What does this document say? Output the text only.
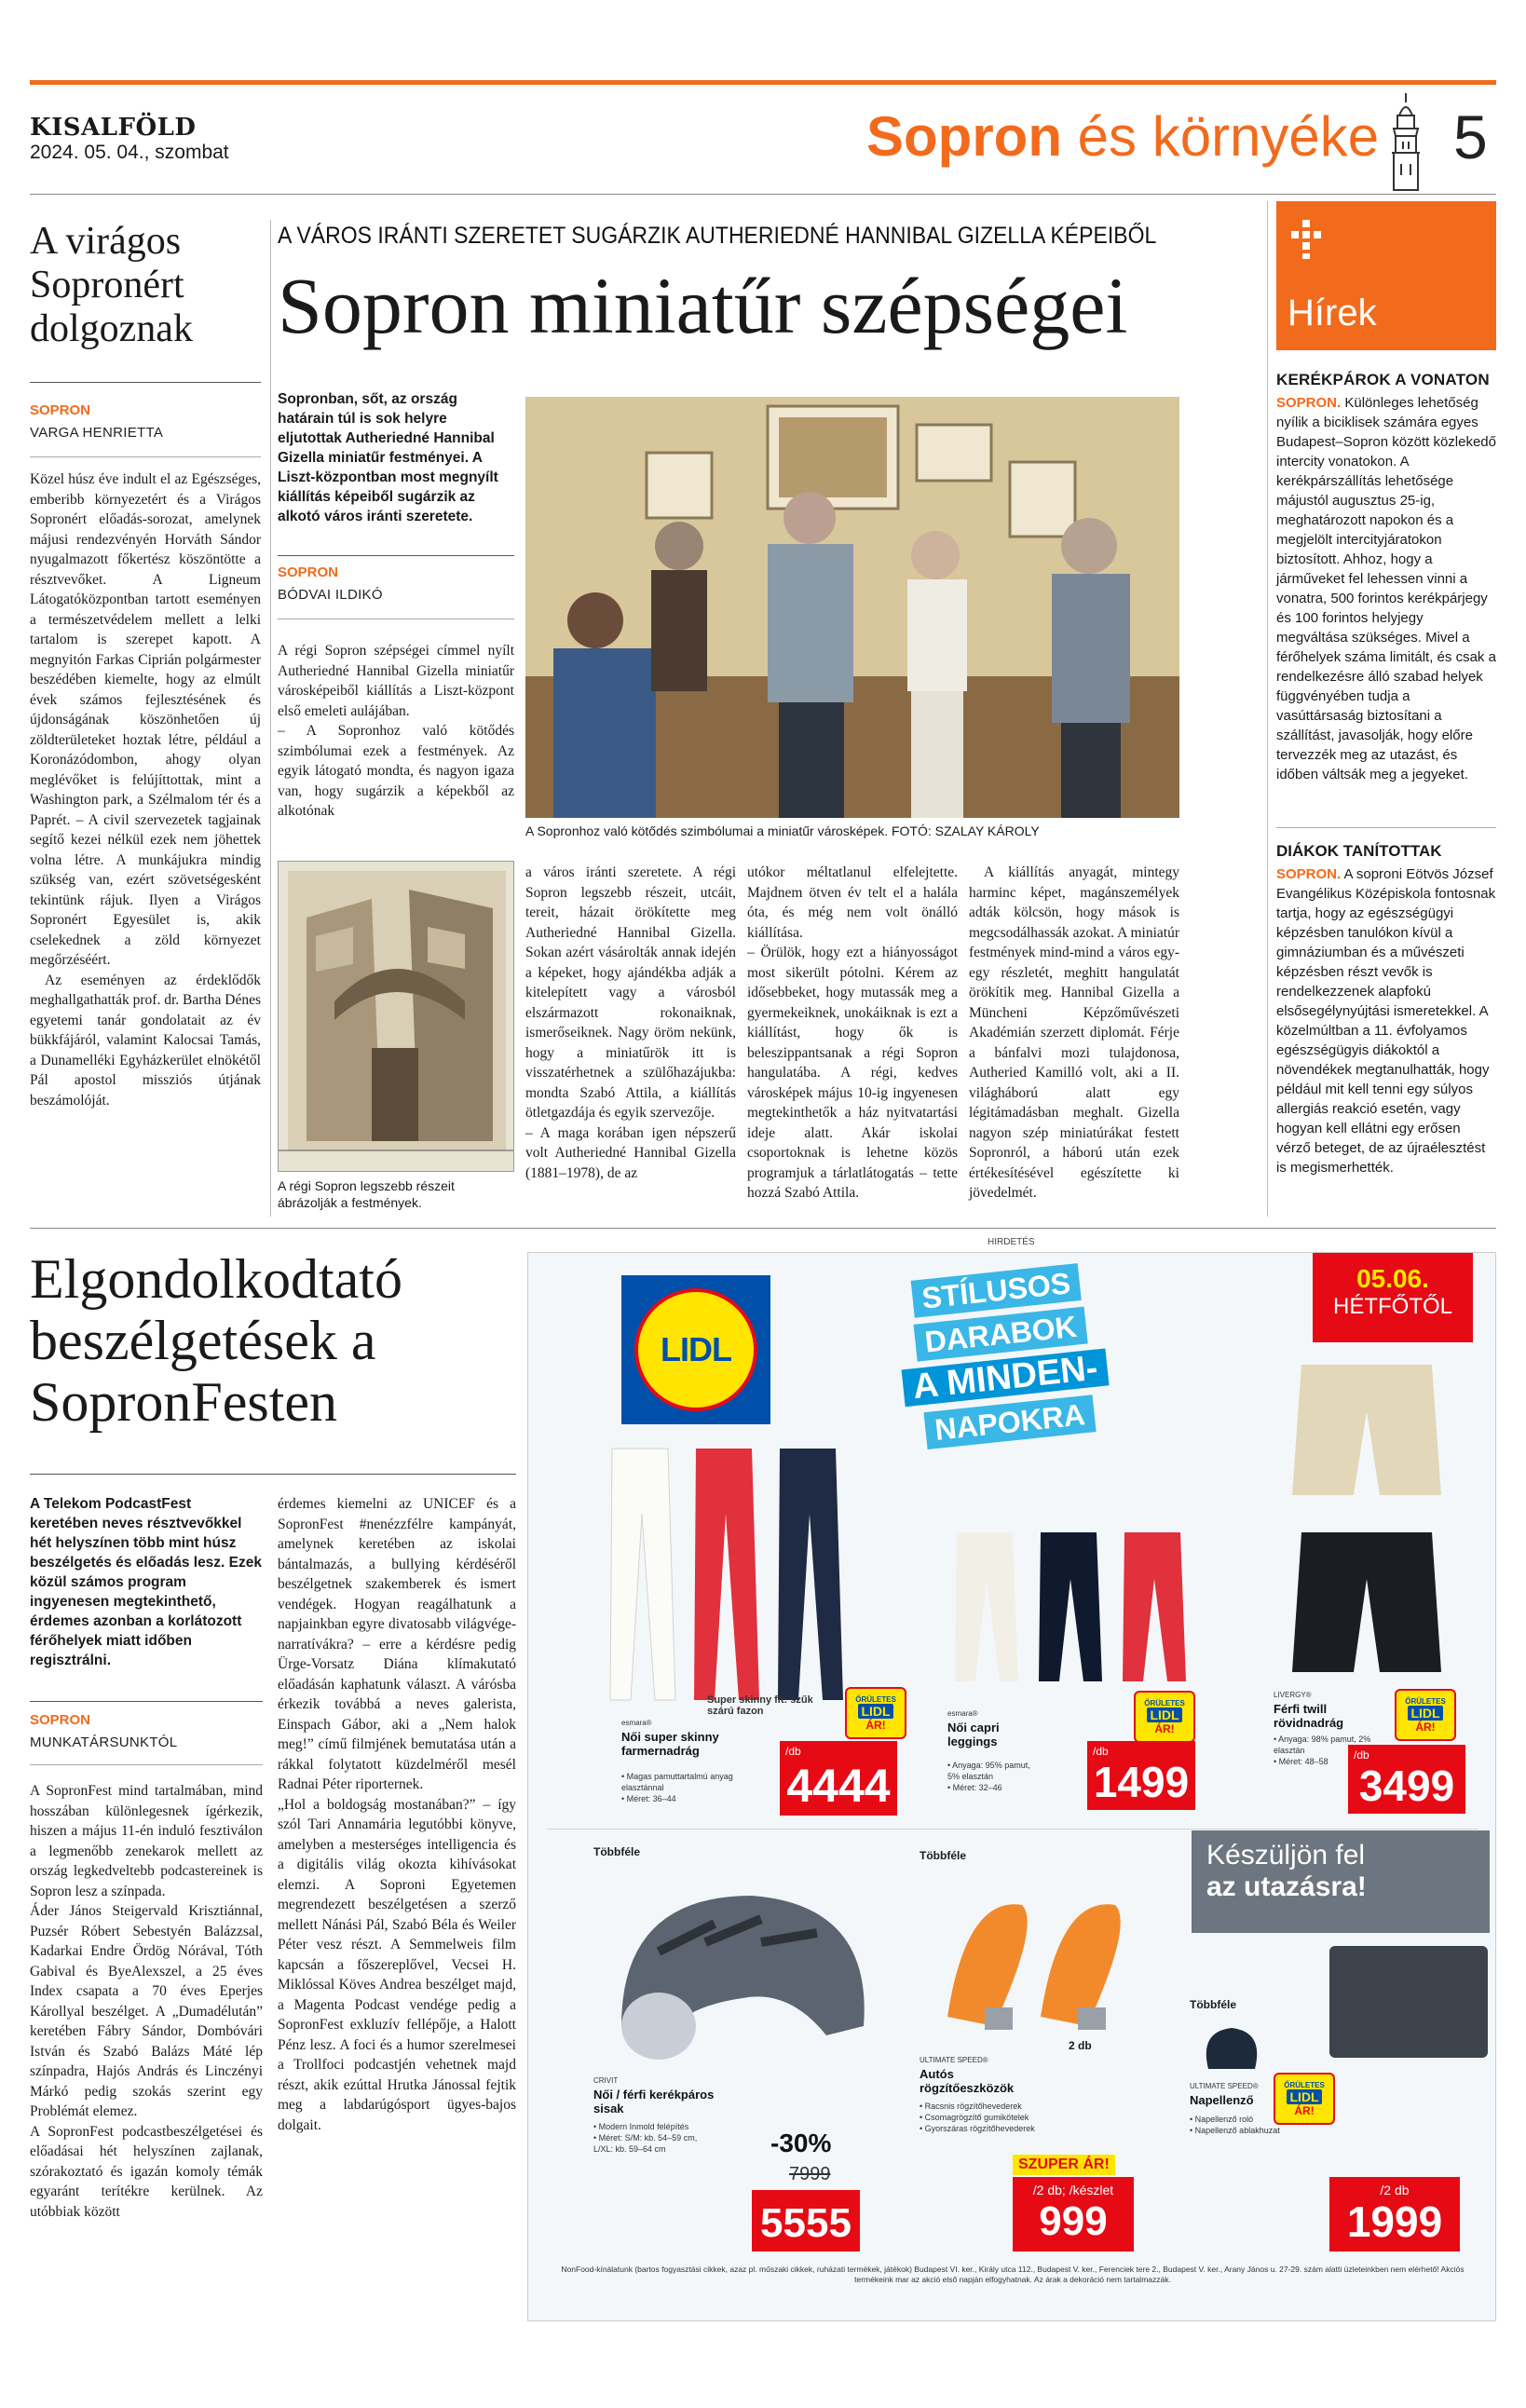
KISALFÖLD
2024. 05. 04., szombat	Sopron és környéke 5
A virágos Sopronért dolgoznak
SOPRON
VARGA HENRIETTA

Közel húsz éve indult el az Egészséges, emberibb környezetért és a Virágos Sopronért előadás-sorozat, amelynek májusi rendezvényén Horváth Sándor nyugalmazott főkertész köszöntötte a résztvevőket. A Ligneum Látogatóközpontban tartott eseményen a természetvédelem mellett a lelki tartalom is szerepet kapott. A megnyitón Farkas Ciprián polgármester beszédében kiemelte, hogy az elmúlt évek számos fejlesztésének és újdonságának köszönhetően új zöldterületeket hoztak létre, például a Koronázódombon, ahogy olyan meglévőket is felújíttottak, mint a Washington park, a Szélmalom tér és a Paprét. – A civil szervezetek tagjainak segítő kezei nélkül ezek nem jöhettek volna létre. A munkájukra mindig szükség van, ezért szövetségesként tekintünk rájuk. Ilyen a Virágos Sopronért Egyesület is, akik cselekednek a zöld környezet megőrzéséért.

Az eseményen az érdeklődők meghallgathatták prof. dr. Bartha Dénes egyetemi tanár gondolatait az év bükkfájáról, valamint Kalocsai Tamás, a Dunamelléki Egyházkerület elnökétől Pál apostol missziós útjának beszámolóját.

A VÁROS IRÁNTI SZERETET SUGÁRZIK AUTHERIEDNÉ HANNIBAL GIZELLA KÉPEIBŐL
Sopron miniatűr szépségei
Sopronban, sőt, az ország határain túl is sok helyre eljutottak Autheriedné Hannibal Gizella miniatűr festményei. A Liszt-központban most megnyílt kiállítás képeiből sugárzik az alkotó város iránti szeretete.
SOPRON
BÓDVAI ILDIKÓ
A régi Sopron szépségei címmel nyílt Autheriedné Hannibal Gizella miniatűr városképeiből kiállítás a Liszt-központ első emeleti aulájában.
– A Sopronhoz való kötődés szimbólumai ezek a festmények. Az egyik látogató mondta, és nagyon igaza van, hogy sugárzik a képekből az alkotónak
A régi Sopron legszebb részeit ábrázolják a festmények.
A Sopronhoz való kötődés szimbólumai a miniatűr városképek. FOTÓ: SZALAY KÁROLY
a város iránti szeretete. A régi Sopron legszebb részeit, utcáit, tereit, házait örökítette meg Autheriedné Hannibal Gizella. Sokan azért vásárolták annak idején a képeket, hogy ajándékba adják a kitelepített vagy a városból elszármazott rokonaiknak, ismerőseiknek. Nagy öröm nekünk, hogy a miniatűrök itt is visszatérhetnek a szülőhazájukba: mondta Szabó Attila, a kiállítás ötletgazdája és egyik szervezője.
– A maga korában igen népszerű volt Autheriedné Hannibal Gizella (1881–1978), de az
utókor méltatlanul elfelejtette. Majdnem ötven év telt el a halála óta, és még nem volt önálló kiállítása.
– Örülök, hogy ezt a hiányosságot most sikerült pótolni. Kérem az idősebbeket, hogy mutassák meg a gyermekeiknek, unokáiknak is ezt a kiállítást, hogy ők is beleszippantsanak a régi Sopron hangulatába. A régi, kedves városképek május 10-ig ingyenesen megtekinthetők a ház nyitvatartási ideje alatt. Akár iskolai csoportoknak is lehetne közös programjuk a tárlatlátogatás – tette hozzá Szabó Attila.
A kiállítás anyagát, mintegy harminc képet, magánszemélyek adták kölcsön, hogy mások is megcsodálhassák azokat. A miniatúr festmények mind-mind a város egy-egy részletét, meghitt hangulatát örökítik meg. Hannibal Gizella a Müncheni Képzőművészeti Akadémián szerzett diplomát. Férje a bánfalvi mozi tulajdonosa, Autheried Kamilló volt, aki a II. világháború alatt egy légitámadásban meghalt. Gizella nagyon szép miniatúrákat festett Sopronról, a háború után ezek értékesítésével egészítette ki jövedelmét.
Hírek
KERÉKPÁROK A VONATON
SOPRON. Különleges lehetőség nyílik a biciklisek számára egyes Budapest–Sopron között közlekedő intercity vonatokon. A kerékpárszállítás lehetősége májustól augusztus 25-ig, meghatározott napokon és a megjelölt intercityjáratokon biztosított. Ahhoz, hogy a járműveket fel lehessen vinni a vonatra, 500 forintos kerékpárjegy és 100 forintos helyjegy megváltása szükséges. Mivel a férőhelyek száma limitált, és csak a rendelkezésre álló szabad helyek függvényében tudja a vasúttársaság biztosítani a szállítást, javasolják, hogy előre tervezzék meg az utazást, és időben váltsák meg a jegyeket.
DIÁKOK TANÍTOTTAK
SOPRON. A soproni Eötvös József Evangélikus Középiskola fontosnak tartja, hogy az egészségügyi képzésben tanulókon kívül a gimnáziumban és a művészeti képzésben részt vevők is rendelkezzenek alapfokú elsősegélynyújtási ismeretekkel. A közelmúltban a 11. évfolyamos egészségügyis diákoktól a növendékek megtanulhatták, hogy például mit kell tenni egy súlyos allergiás reakció esetén, vagy hogyan kell ellátni egy erősen vérző beteget, de az újraélesztést is megismerhették.
Elgondolkodtató beszélgetések a SopronFesten
A Telekom PodcastFest keretében neves résztvevőkkel hét helyszínen több mint húsz beszélgetés és előadás lesz. Ezek közül számos program ingyenesen megtekinthető, érdemes azonban a korlátozott férőhelyek miatt időben regisztrálni.
SOPRON
MUNKATÁRSUNKTÓL
A SopronFest mind tartalmában, mind hosszában különlegesnek ígérkezik, hiszen a május 11-én induló fesztiválon a legmenőbb zenekarok mellett az ország legkedveltebb podcastereinek is Sopron lesz a színpada.
Áder János Steigervald Krisztiánnal, Puzsér Róbert Sebestyén Balázzsal, Kadarkai Endre Ördög Nórával, Tóth Gabival és ByeAlexszel, a 25 éves Index csapata a 70 éves Eperjes Károllyal beszélget. A „Dumadélután” keretében Fábry Sándor, Dombóvári István és Szabó Balázs Máté lép színpadra, Hajós András és Linczényi Márkó pedig szokás szerint egy Problémát elemez.
A SopronFest podcastbeszélgetései és előadásai hét helyszínen zajlanak, szórakoztató és igazán komoly témák egyaránt terítékre kerülnek. Az utóbbiak között
érdemes kiemelni az UNICEF és a SopronFest #nenézzfélre kampányát, amelynek keretében az iskolai bántalmazás, a bullying kérdéséről beszélgetnek szakemberek és ismert vendégek. Hogyan reagálhatunk a napjainkban egyre divatosabb világvége-narratívákra? – erre a kérdésre pedig Ürge-Vorsatz Diána klímakutató előadásán kaphatunk választ. A várósba érkezik továbbá a neves galerista, Einspach Gábor, aki a „Nem halok meg!” című filmjének bemutatása után a rákkal folytatott küzdelméről mesél Radnai Péter riporternek.
„Hol a boldogság mostanában?” – így szól Tari Annamária legutóbbi könyve, amelyben a mesterséges intelligencia és a digitális világ okozta kihívásokat elemzi. A Soproni Egyetemen megrendezett beszélgetésen a szerző mellett Nánási Pál, Szabó Béla és Weiler Péter vesz részt. A Semmelweis film kapcsán a főszereplővel, Vecsei H. Miklóssal Köves Andrea beszélget majd, a Magenta Podcast vendége pedig a SopronFest exkluzív fellépője, a Halott Pénz lesz. A foci és a humor szerelmesei a Trollfoci podcastjén vehetnek majd részt, akik ezúttal Hrutka Jánossal fejtik meg a labdarúgósport ügyes-bajos dolgait.
HIRDETÉS
LIDL
STÍLUSOS
DARABOK
A MINDEN-
NAPOKRA
05.06.
HÉTFŐTŐL
ŐRÜLETES
LIDL
ÁR!
ŐRÜLETES
LIDL
ÁR!
ŐRÜLETES
LIDL
ÁR!
Super skinny fit: szűk szárú fazon
esmara®
Női super skinny farmernadrág
• Magas pamuttartalmú anyag elasztánnal
• Méret: 36–44
/db
4444
esmara®
Női capri leggings
• Anyaga: 95% pamut, 5% elasztán
• Méret: 32–46
/db
1499
LIVERGY®
Férfi twill rövidnadrág
• Anyaga: 98% pamut, 2% elasztán
• Méret: 48–58	/db
3499
Készüljön fel
az utazásra!
Többféle
CRIVIT
Női / férfi kerékpáros sisak
• Modern Inmold felépítés
• Méret: S/M: kb. 54–59 cm, L/XL: kb. 59–64 cm	-30%
7999
5555
Többféle
2 db
ULTIMATE SPEED®
Autós rögzítőeszközök
• Racsnis rögzítőhevederek
• Csomagrögzítő gumikötelek
• Gyorszáras rögzítőhevederek
SZUPER ÁR!
/2 db; /készlet
999
Többféle
ŐRÜLETES
LIDL
ÁR!
ULTIMATE SPEED®
Napellenző
• Napellenző roló
• Napellenző ablakhuzat
/2 db
1999
NonFood-kínálatunk (bartos fogyasztási cikkek, azaz pl. műszaki cikkek, ruházati termékek, játékok) Budapest VI. ker., Király utca 112., Budapest V. ker., Ferenciek tere 2., Budapest V. ker., Arany János u. 27-29. szám alatti üzleteinkben nem elérhető! Akciós termékeink mar az akció első napján elfogyhatnak. Az árak a dekoráció nem tartalmazzák.
